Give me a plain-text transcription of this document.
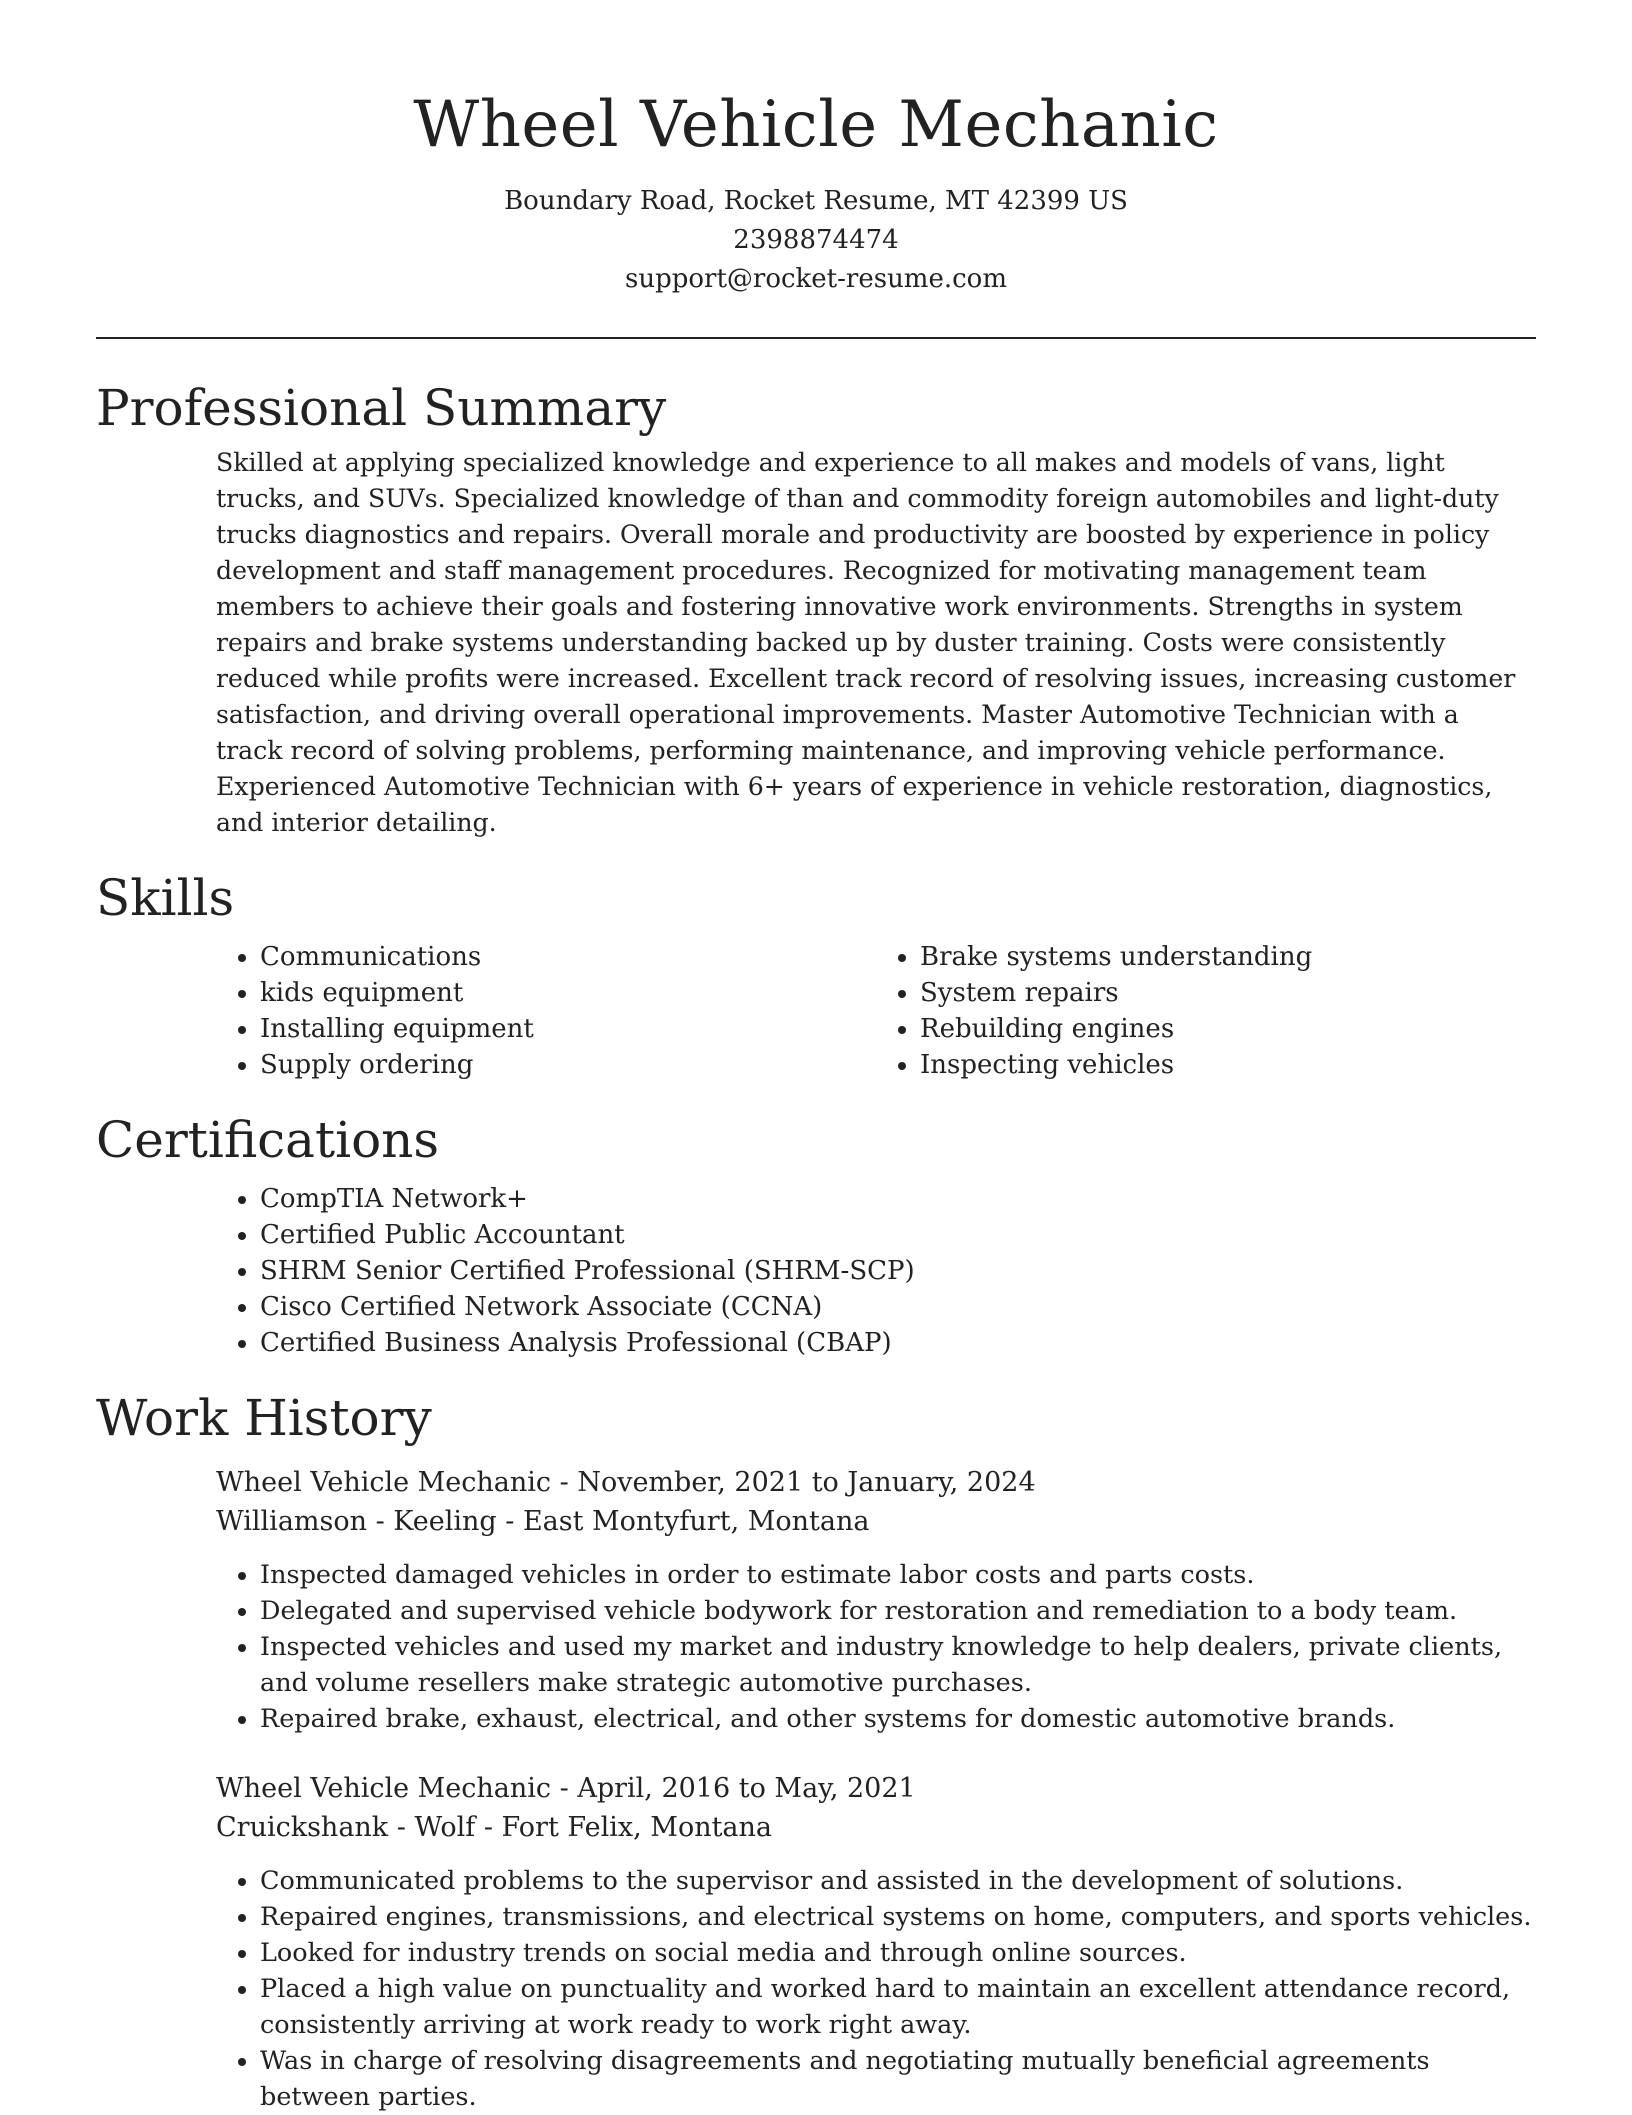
Wheel Vehicle Mechanic
Boundary Road, Rocket Resume, MT 42399 US
2398874474
support@rocket-resume.com
Professional Summary

Skilled at applying specialized knowledge and experience to all makes and models of vans, light trucks, and SUVs. Specialized knowledge of than and commodity foreign automobiles and light-duty trucks diagnostics and repairs. Overall morale and productivity are boosted by experience in policy development and staff management procedures. Recognized for motivating management team members to achieve their goals and fostering innovative work environments. Strengths in system repairs and brake systems understanding backed up by duster training. Costs were consistently reduced while profits were increased. Excellent track record of resolving issues, increasing customer satisfaction, and driving overall operational improvements. Master Automotive Technician with a track record of solving problems, performing maintenance, and improving vehicle performance. Experienced Automotive Technician with 6+ years of experience in vehicle restoration, diagnostics, and interior detailing.

Skills
• Communications
• kids equipment
• Installing equipment
• Supply ordering
• Brake systems understanding
• System repairs
• Rebuilding engines
• Inspecting vehicles
Certifications
• CompTIA Network+
• Certified Public Accountant
• SHRM Senior Certified Professional (SHRM-SCP)
• Cisco Certified Network Associate (CCNA)
• Certified Business Analysis Professional (CBAP)
Work History
Wheel Vehicle Mechanic - November, 2021 to January, 2024
Williamson - Keeling - East Montyfurt, Montana
• Inspected damaged vehicles in order to estimate labor costs and parts costs.
• Delegated and supervised vehicle bodywork for restoration and remediation to a body team.
• Inspected vehicles and used my market and industry knowledge to help dealers, private clients, and volume resellers make strategic automotive purchases.
• Repaired brake, exhaust, electrical, and other systems for domestic automotive brands.
Wheel Vehicle Mechanic - April, 2016 to May, 2021
Cruickshank - Wolf - Fort Felix, Montana
• Communicated problems to the supervisor and assisted in the development of solutions.
• Repaired engines, transmissions, and electrical systems on home, computers, and sports vehicles.
• Looked for industry trends on social media and through online sources.
• Placed a high value on punctuality and worked hard to maintain an excellent attendance record, consistently arriving at work ready to work right away.
• Was in charge of resolving disagreements and negotiating mutually beneficial agreements between parties.
